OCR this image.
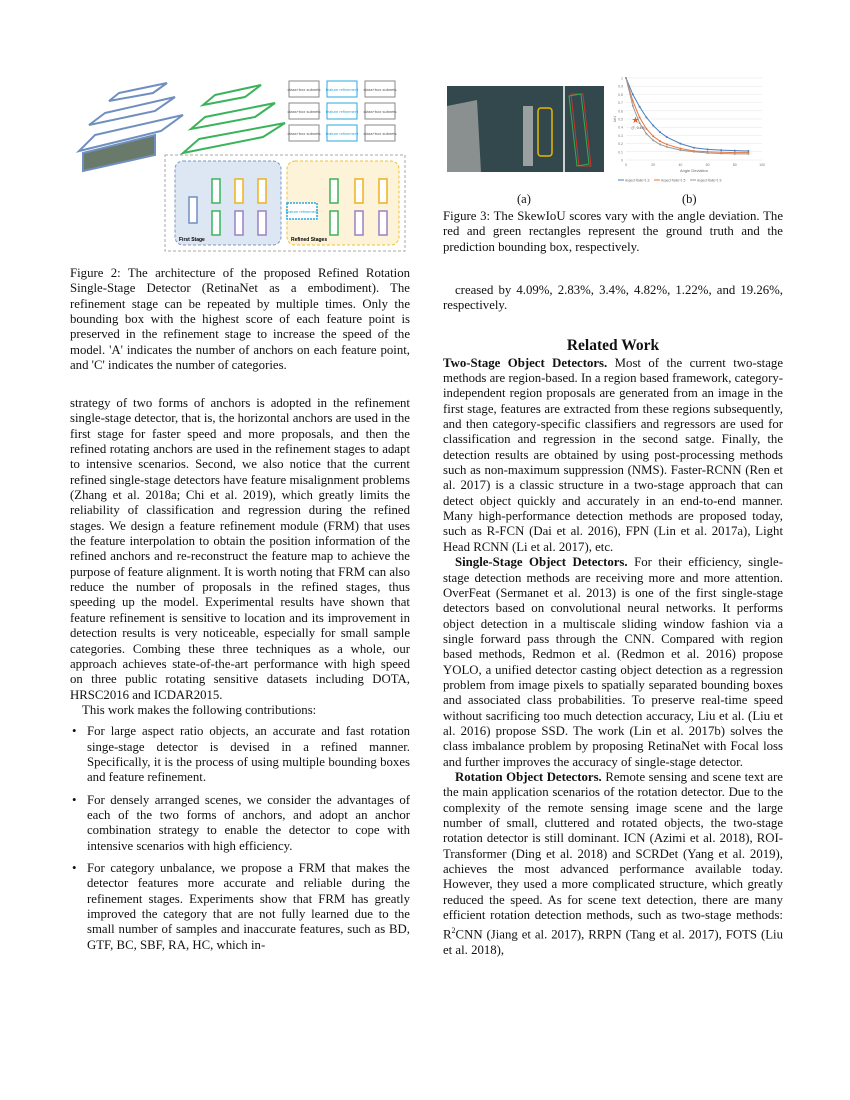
class+box subnets feature refinement class+box subnets
class+box subnets feature refinement class+box subnets
class+box subnets feature refinement class+box subnets
feature refinement
First Stage	Refined Stages
Figure 2: The architecture of the proposed Refined Rotation Single-Stage Detector (RetinaNet as a embodiment). The refinement stage can be repeated by multiple times. Only the bounding box with the highest score of each feature point is preserved in the refinement stage to increase the speed of the model. 'A' indicates the number of anchors on each feature point, and 'C' indicates the number of categories.
0
0.1
0.2
0.3
0.4
0.5
0.6
0.7
0.8
0.9
1
0	20	40	60	80	100
Angle Deviation
IoU
Aspect Ratio=1:3	Aspect Ratio=1:5	Aspect Ratio=1:9
★
(7, 0.49)
(a)	(b)
Figure 3: The SkewIoU scores vary with the angle deviation. The red and green rectangles represent the ground truth and the prediction bounding box, respectively.

strategy of two forms of anchors is adopted in the refinement single-stage detector, that is, the horizontal anchors are used in the first stage for faster speed and more proposals, and then the refined rotating anchors are used in the refinement stages to adapt to intensive scenarios. Second, we also notice that the current refined single-stage detectors have feature misalignment problems (Zhang et al. 2018a; Chi et al. 2019), which greatly limits the reliability of classification and regression during the refined stages. We design a feature refinement module (FRM) that uses the feature interpolation to obtain the position information of the refined anchors and re-reconstruct the feature map to achieve the purpose of feature alignment. It is worth noting that FRM can also reduce the number of proposals in the refined stages, thus speeding up the model. Experimental results have shown that feature refinement is sensitive to location and its improvement in detection results is very noticeable, especially for small sample categories. Combing these three techniques as a whole, our approach achieves state-of-the-art performance with high speed on three public rotating sensitive datasets including DOTA, HRSC2016 and ICDAR2015.

This work makes the following contributions:

• For large aspect ratio objects, an accurate and fast rotation singe-stage detector is devised in a refined manner. Specifically, it is the process of using multiple bounding boxes and feature refinement.
• For densely arranged scenes, we consider the advantages of each of the two forms of anchors, and adopt an anchor combination strategy to enable the detector to cope with intensive scenarios with high efficiency.
• For category unbalance, we propose a FRM that makes the detector features more accurate and reliable during the refinement stages. Experiments show that FRM has greatly improved the category that are not fully learned due to the small number of samples and inaccurate features, such as BD, GTF, BC, SBF, RA, HC, which in-

creased by 4.09%, 2.83%, 3.4%, 4.82%, 1.22%, and 19.26%, respectively.

Related Work

Two-Stage Object Detectors. Most of the current two-stage methods are region-based. In a region based framework, category-independent region proposals are generated from an image in the first stage, features are extracted from these regions subsequently, and then category-specific classifiers and regressors are used for classification and regression in the second satge. Finally, the detection results are obtained by using post-processing methods such as non-maximum suppression (NMS). Faster-RCNN (Ren et al. 2017) is a classic structure in a two-stage approach that can detect object quickly and accurately in an end-to-end manner. Many high-performance detection methods are proposed today, such as R-FCN (Dai et al. 2016), FPN (Lin et al. 2017a), Light Head RCNN (Li et al. 2017), etc.

Single-Stage Object Detectors. For their efficiency, single-stage detection methods are receiving more and more attention. OverFeat (Sermanet et al. 2013) is one of the first single-stage detectors based on convolutional neural networks. It performs object detection in a multiscale sliding window fashion via a single forward pass through the CNN. Compared with region based methods, Redmon et al. (Redmon et al. 2016) propose YOLO, a unified detector casting object detection as a regression problem from image pixels to spatially separated bounding boxes and associated class probabilities. To preserve real-time speed without sacrificing too much detection accuracy, Liu et al. (Liu et al. 2016) propose SSD. The work (Lin et al. 2017b) solves the class imbalance problem by proposing RetinaNet with Focal loss and further improves the accuracy of single-stage detector.

Rotation Object Detectors. Remote sensing and scene text are the main application scenarios of the rotation detector. Due to the complexity of the remote sensing image scene and the large number of small, cluttered and rotated objects, the two-stage rotation detector is still dominant. ICN (Azimi et al. 2018), ROI-Transformer (Ding et al. 2018) and SCRDet (Yang et al. 2019), achieves the most advanced performance available today. However, they used a more complicated structure, which greatly reduced the speed. As for scene text detection, there are many efficient rotation detection methods, such as two-stage methods: $R^2CNN$ (Jiang et al. 2017), RRPN (Tang et al. 2017), FOTS (Liu et al. 2018),
